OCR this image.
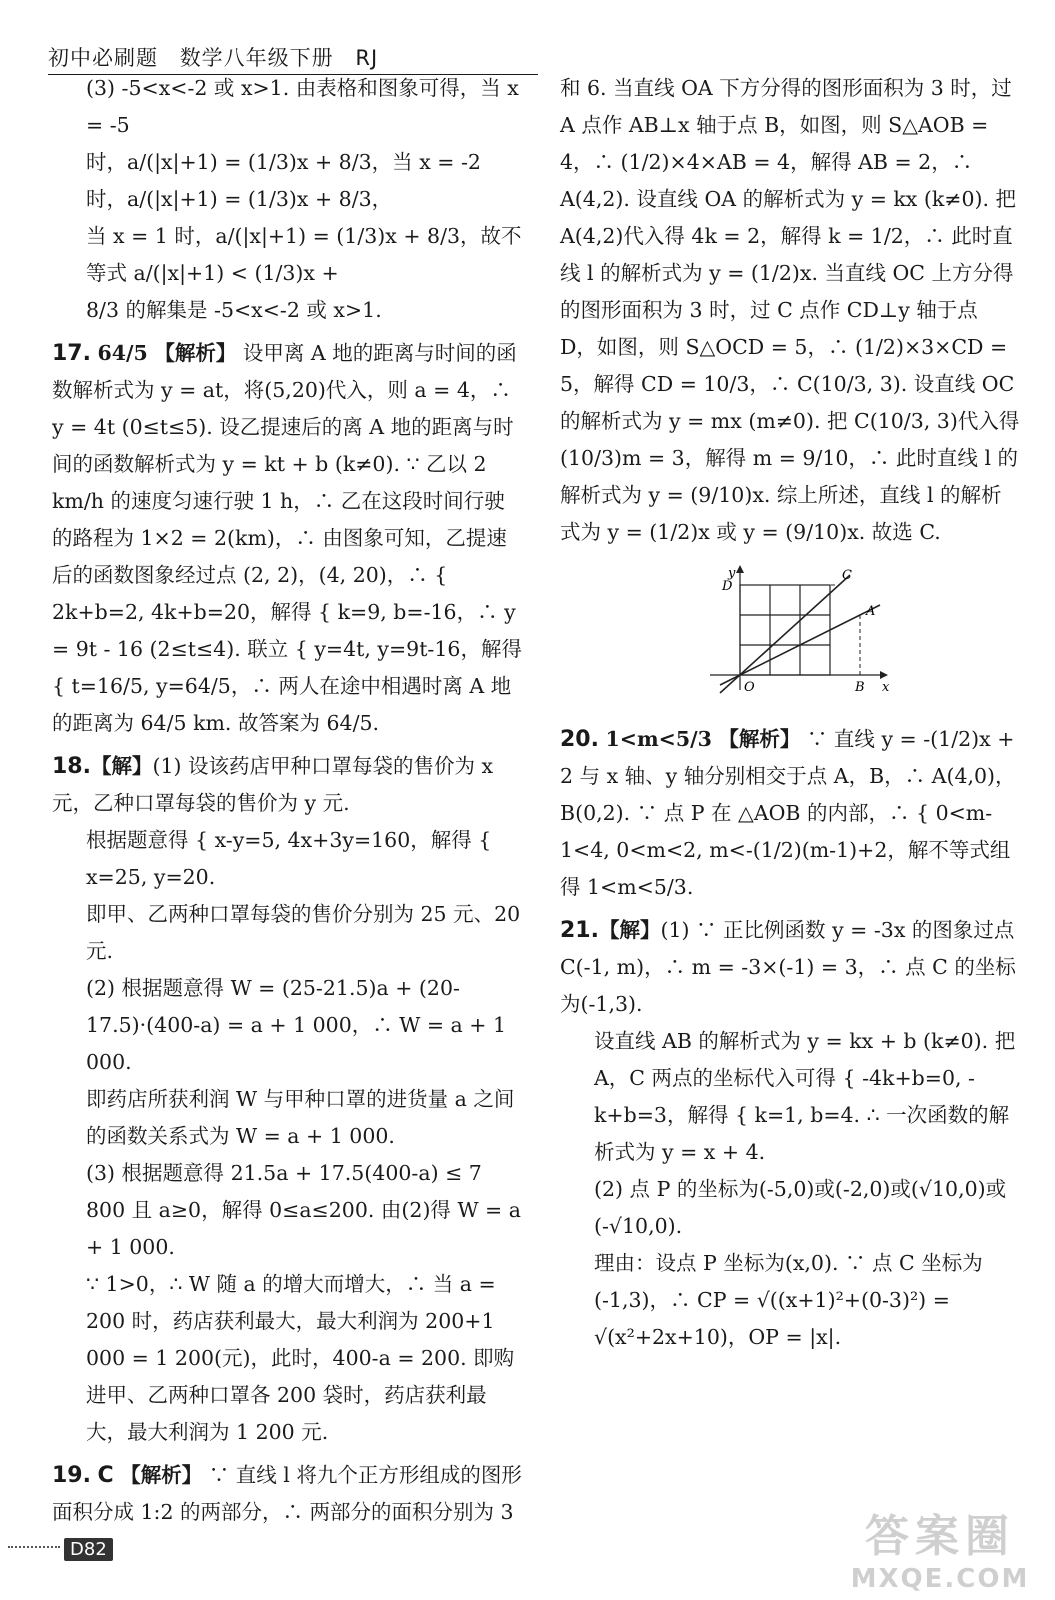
初中必刷题 数学八年级下册 RJ

(3) -5<x<-2 或 x>1. 由表格和图象可得，当 x = -5

时，a/(|x|+1) = (1/3)x + 8/3，当 x = -2 时，a/(|x|+1) = (1/3)x + 8/3，

当 x = 1 时，a/(|x|+1) = (1/3)x + 8/3，故不等式 a/(|x|+1) < (1/3)x +

8/3 的解集是 -5<x<-2 或 x>1.

17. 64/5 【解析】 设甲离 A 地的距离与时间的函数解析式为 y = at，将(5,20)代入，则 a = 4，∴ y = 4t (0≤t≤5). 设乙提速后的离 A 地的距离与时间的函数解析式为 y = kt + b (k≠0). ∵ 乙以 2 km/h 的速度匀速行驶 1 h，∴ 乙在这段时间行驶的路程为 1×2 = 2(km)，∴ 由图象可知，乙提速后的函数图象经过点 (2, 2)，(4, 20)，∴ { 2k+b=2, 4k+b=20，解得 { k=9, b=-16，∴ y = 9t - 16 (2≤t≤4). 联立 { y=4t, y=9t-16，解得 { t=16/5, y=64/5，∴ 两人在途中相遇时离 A 地的距离为 64/5 km. 故答案为 64/5.
18.【解】(1) 设该药店甲种口罩每袋的售价为 x 元，乙种口罩每袋的售价为 y 元.

根据题意得 { x-y=5, 4x+3y=160，解得 { x=25, y=20.

即甲、乙两种口罩每袋的售价分别为 25 元、20 元.

(2) 根据题意得 W = (25-21.5)a + (20-17.5)·(400-a) = a + 1 000，∴ W = a + 1 000.

即药店所获利润 W 与甲种口罩的进货量 a 之间的函数关系式为 W = a + 1 000.

(3) 根据题意得 21.5a + 17.5(400-a) ≤ 7 800 且 a≥0，解得 0≤a≤200. 由(2)得 W = a + 1 000.

∵ 1>0，∴ W 随 a 的增大而增大，∴ 当 a = 200 时，药店获利最大，最大利润为 200+1 000 = 1 200(元)，此时，400-a = 200. 即购进甲、乙两种口罩各 200 袋时，药店获利最大，最大利润为 1 200 元.

19. C 【解析】 ∵ 直线 l 将九个正方形组成的图形面积分成 1:2 的两部分，∴ 两部分的面积分别为 3

和 6. 当直线 OA 下方分得的图形面积为 3 时，过 A 点作 AB⊥x 轴于点 B，如图，则 S△AOB = 4，∴ (1/2)×4×AB = 4，解得 AB = 2，∴ A(4,2). 设直线 OA 的解析式为 y = kx (k≠0). 把 A(4,2)代入得 4k = 2，解得 k = 1/2，∴ 此时直线 l 的解析式为 y = (1/2)x. 当直线 OC 上方分得的图形面积为 3 时，过 C 点作 CD⊥y 轴于点 D，如图，则 S△OCD = 5，∴ (1/2)×3×CD = 5，解得 CD = 10/3，∴ C(10/3, 3). 设直线 OC 的解析式为 y = mx (m≠0). 把 C(10/3, 3)代入得 (10/3)m = 3，解得 m = 9/10，∴ 此时直线 l 的解析式为 y = (9/10)x. 综上所述，直线 l 的解析式为 y = (1/2)x 或 y = (9/10)x. 故选 C.

y
D
C
A
O	B x
20. 1<m<5/3 【解析】 ∵ 直线 y = -(1/2)x + 2 与 x 轴、y 轴分别相交于点 A，B，∴ A(4,0)，B(0,2). ∵ 点 P 在 △AOB 的内部，∴ { 0<m-1<4, 0<m<2, m<-(1/2)(m-1)+2，解不等式组得 1<m<5/3.
21.【解】(1) ∵ 正比例函数 y = -3x 的图象过点 C(-1, m)，∴ m = -3×(-1) = 3，∴ 点 C 的坐标为(-1,3).

设直线 AB 的解析式为 y = kx + b (k≠0). 把 A，C 两点的坐标代入可得 { -4k+b=0, -k+b=3，解得 { k=1, b=4. ∴ 一次函数的解析式为 y = x + 4.

(2) 点 P 的坐标为(-5,0)或(-2,0)或(√10,0)或(-√10,0).

理由：设点 P 坐标为(x,0). ∵ 点 C 坐标为(-1,3)，∴ CP = √((x+1)²+(0-3)²) = √(x²+2x+10)，OP = |x|.

D82	答案圈
MXQE.COM
